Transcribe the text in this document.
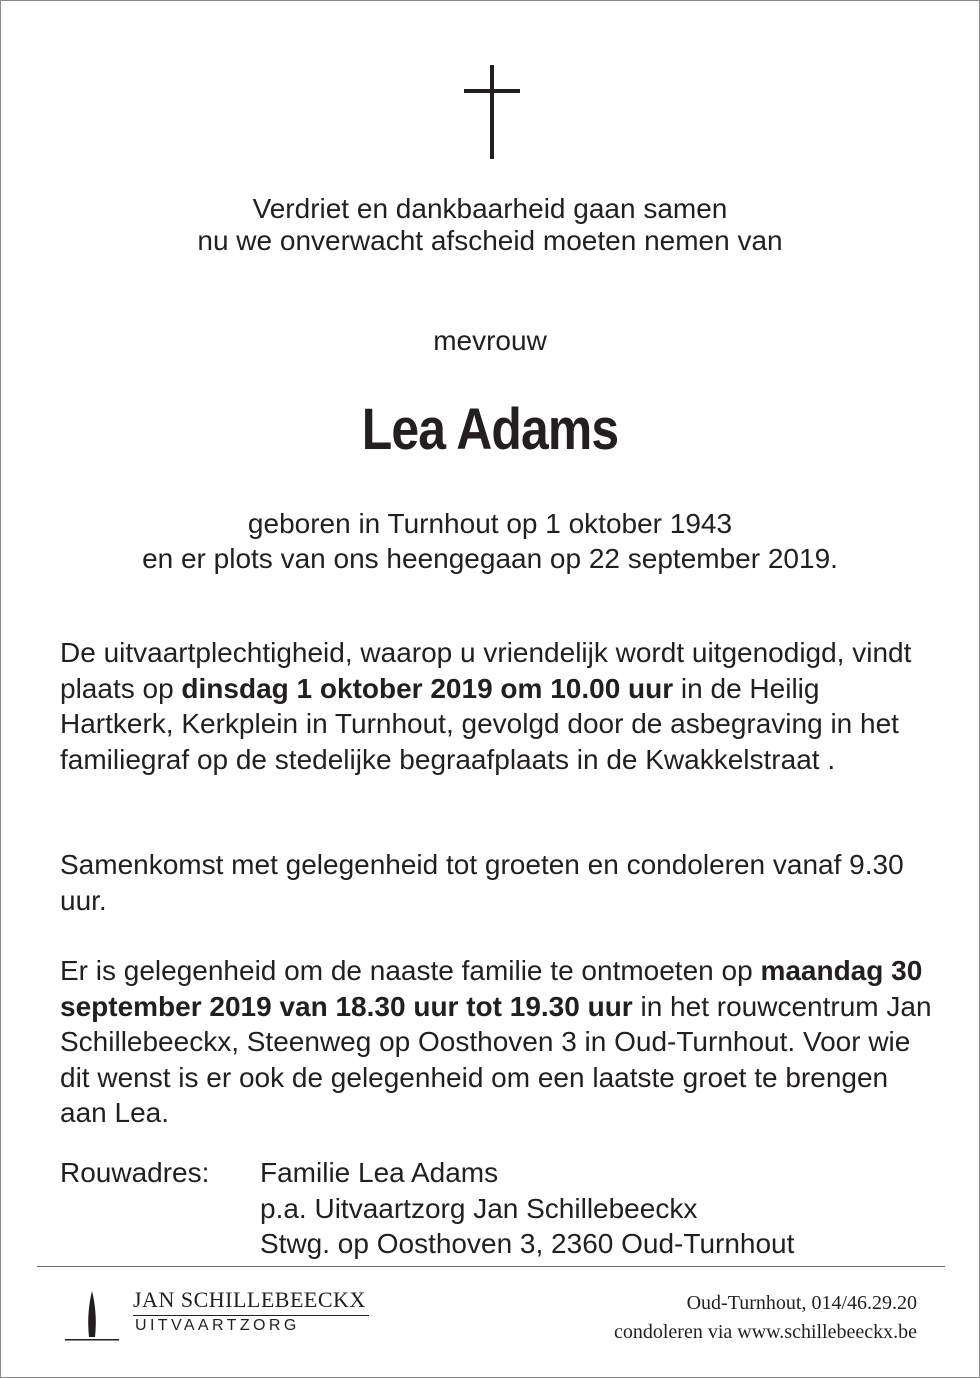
Verdriet en dankbaarheid gaan samen
nu we onverwacht afscheid moeten nemen van
mevrouw
Lea Adams
geboren in Turnhout op 1 oktober 1943
en er plots van ons heengegaan op 22 september 2019.
De uitvaartplechtigheid, waarop u vriendelijk wordt uitgenodigd, vindt plaats op dinsdag 1 oktober 2019 om 10.00 uur in de Heilig Hartkerk, Kerkplein in Turnhout, gevolgd door de asbegraving in het familiegraf op de stedelijke begraafplaats in de Kwakkelstraat .
Samenkomst met gelegenheid tot groeten en condoleren vanaf 9.30 uur.
Er is gelegenheid om de naaste familie te ontmoeten op maandag 30 september 2019 van 18.30 uur tot 19.30 uur in het rouwcentrum Jan Schillebeeckx, Steenweg op Oosthoven 3 in Oud-Turnhout. Voor wie dit wenst is er ook de gelegenheid om een laatste groet te brengen aan Lea.
Rouwadres: Familie Lea Adams
p.a. Uitvaartzorg Jan Schillebeeckx
Stwg. op Oosthoven 3, 2360 Oud-Turnhout
JAN SCHILLEBEECKX
UITVAARTZORG
Oud-Turnhout, 014/46.29.20
condoleren via www.schillebeeckx.be
